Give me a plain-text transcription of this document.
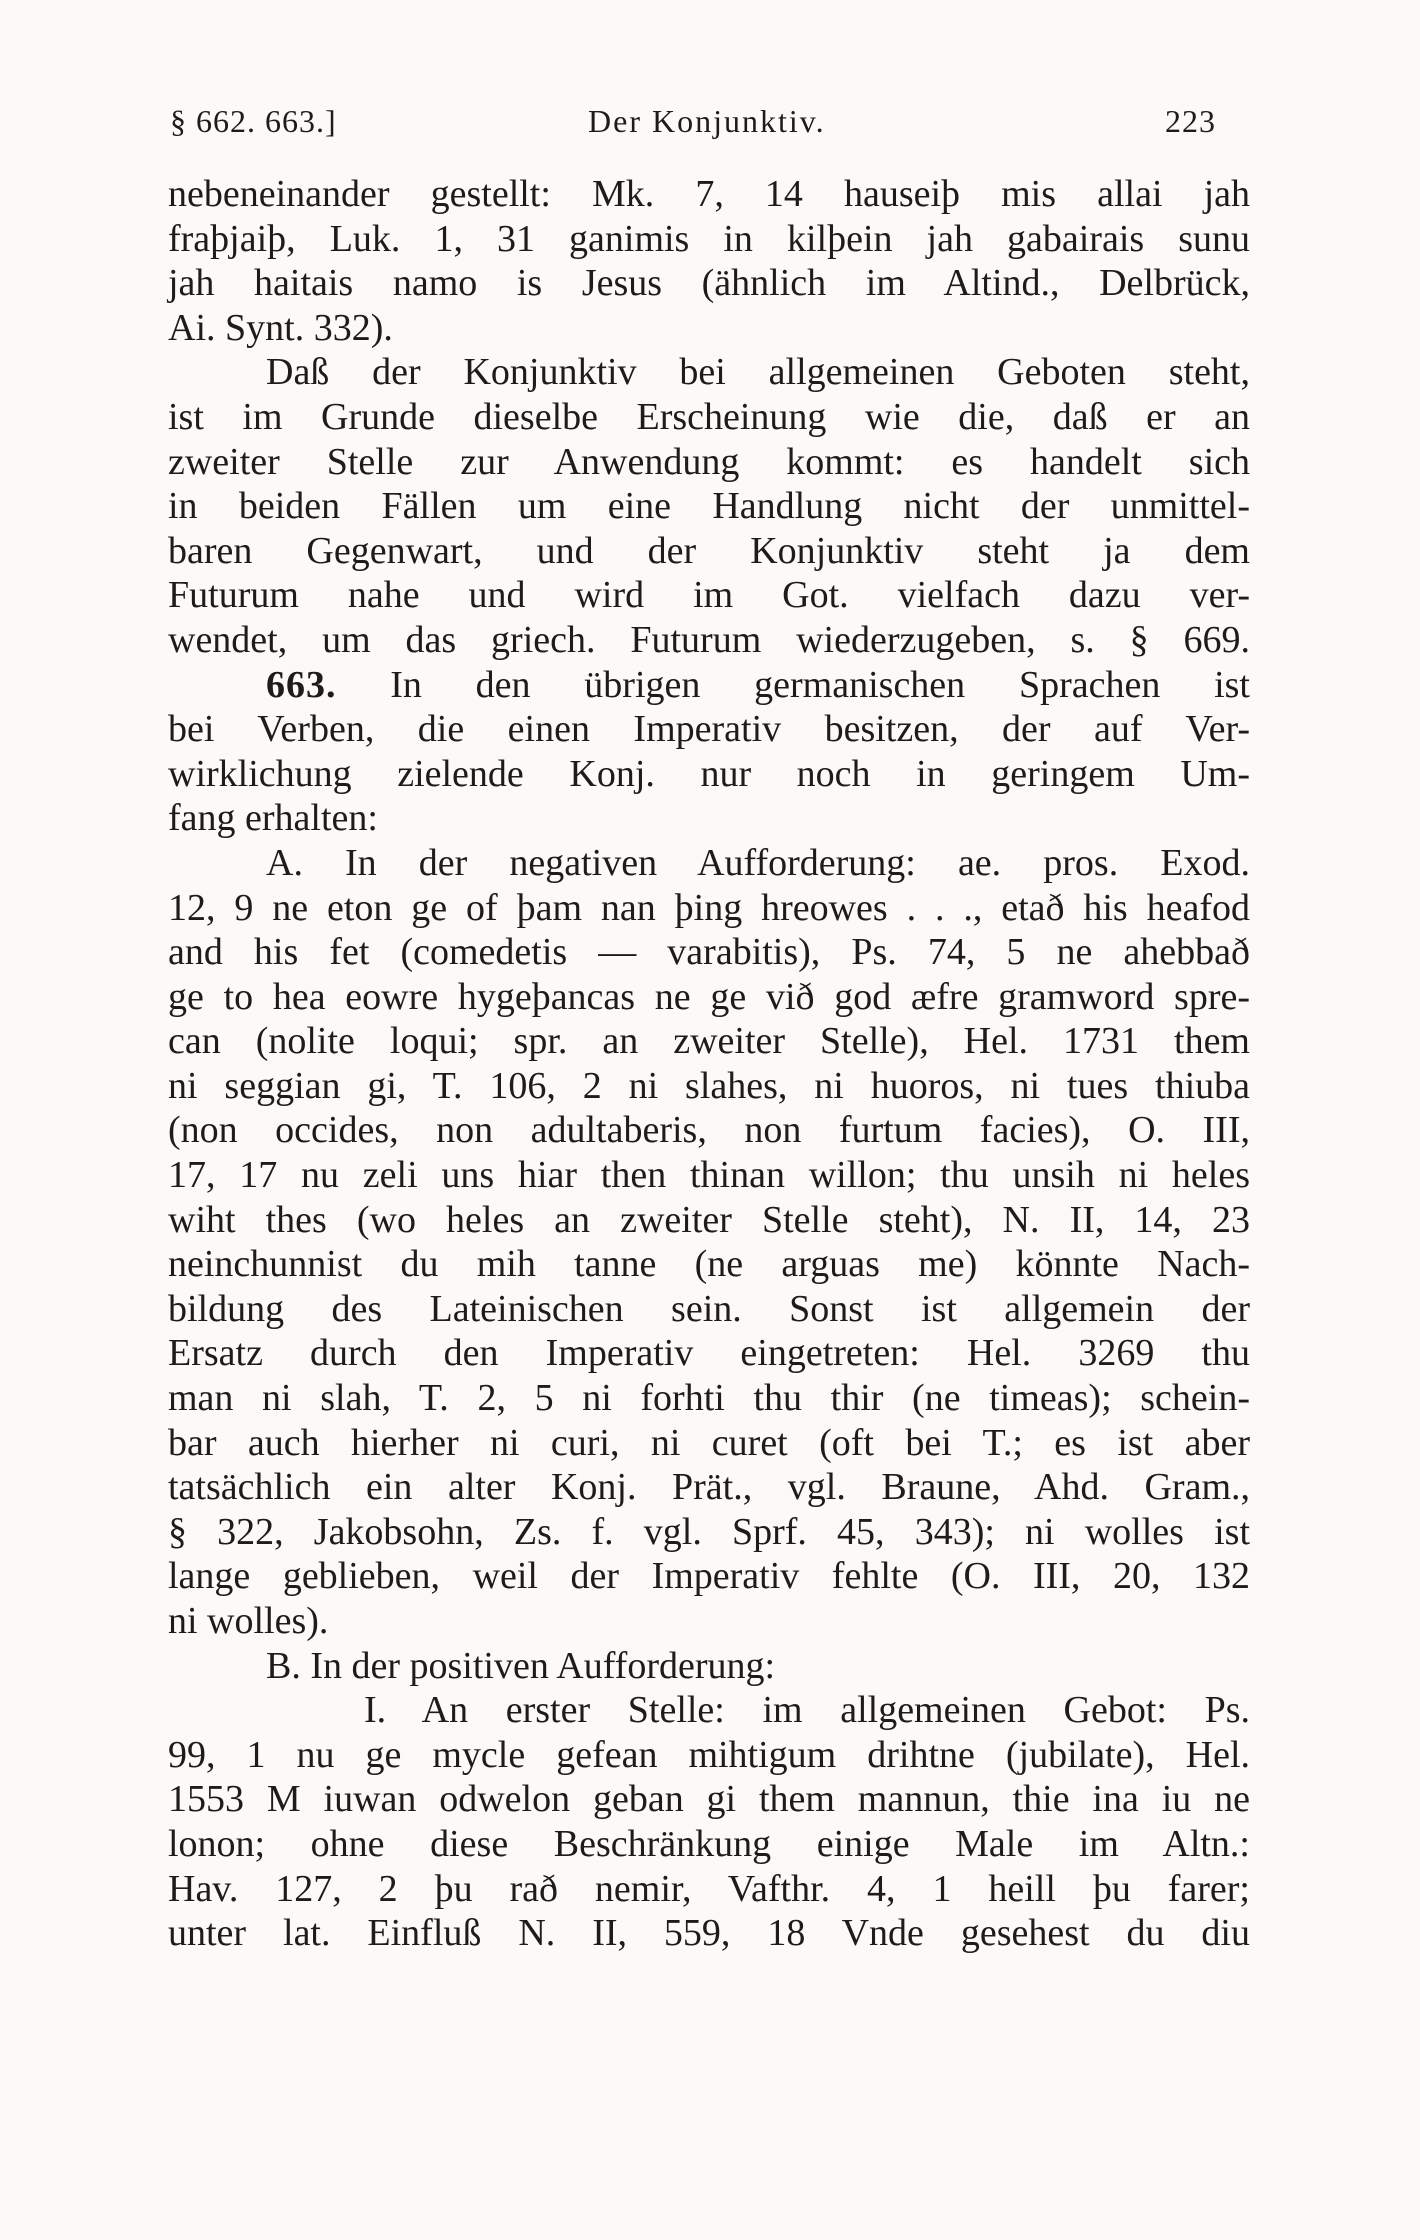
§ 662. 663.]	Der Konjunktiv.	223
nebeneinander gestellt: Mk. 7, 14 hauseiþ mis allai jah
fraþjaiþ, Luk. 1, 31 ganimis in kilþein jah gabairais sunu
jah haitais namo is Jesus (ähnlich im Altind., Delbrück,
Ai. Synt. 332).
Daß der Konjunktiv bei allgemeinen Geboten steht,
ist im Grunde dieselbe Erscheinung wie die, daß er an
zweiter Stelle zur Anwendung kommt: es handelt sich
in beiden Fällen um eine Handlung nicht der unmittel-
baren Gegenwart, und der Konjunktiv steht ja dem
Futurum nahe und wird im Got. vielfach dazu ver-
wendet, um das griech. Futurum wiederzugeben, s. § 669.
663. In den übrigen germanischen Sprachen ist
bei Verben, die einen Imperativ besitzen, der auf Ver-
wirklichung zielende Konj. nur noch in geringem Um-
fang erhalten:
A. In der negativen Aufforderung: ae. pros. Exod.
12, 9 ne eton ge of þam nan þing hreowes . . ., etað his heafod
and his fet (comedetis — varabitis), Ps. 74, 5 ne ahebbað
ge to hea eowre hygeþancas ne ge við god æfre gramword spre-
can (nolite loqui; spr. an zweiter Stelle), Hel. 1731 them
ni seggian gi, T. 106, 2 ni slahes, ni huoros, ni tues thiuba
(non occides, non adultaberis, non furtum facies), O. III,
17, 17 nu zeli uns hiar then thinan willon; thu unsih ni heles
wiht thes (wo heles an zweiter Stelle steht), N. II, 14, 23
neinchunnist du mih tanne (ne arguas me) könnte Nach-
bildung des Lateinischen sein. Sonst ist allgemein der
Ersatz durch den Imperativ eingetreten: Hel. 3269 thu
man ni slah, T. 2, 5 ni forhti thu thir (ne timeas); schein-
bar auch hierher ni curi, ni curet (oft bei T.; es ist aber
tatsächlich ein alter Konj. Prät., vgl. Braune, Ahd. Gram.,
§ 322, Jakobsohn, Zs. f. vgl. Sprf. 45, 343); ni wolles ist
lange geblieben, weil der Imperativ fehlte (O. III, 20, 132
ni wolles).
B. In der positiven Aufforderung:
I. An erster Stelle: im allgemeinen Gebot: Ps.
99, 1 nu ge mycle gefean mihtigum drihtne (jubilate), Hel.
1553 M iuwan odwelon geban gi them mannun, thie ina iu ne
lonon; ohne diese Beschränkung einige Male im Altn.:
Hav. 127, 2 þu rað nemir, Vafthr. 4, 1 heill þu farer;
unter lat. Einfluß N. II, 559, 18 Vnde gesehest du diu
